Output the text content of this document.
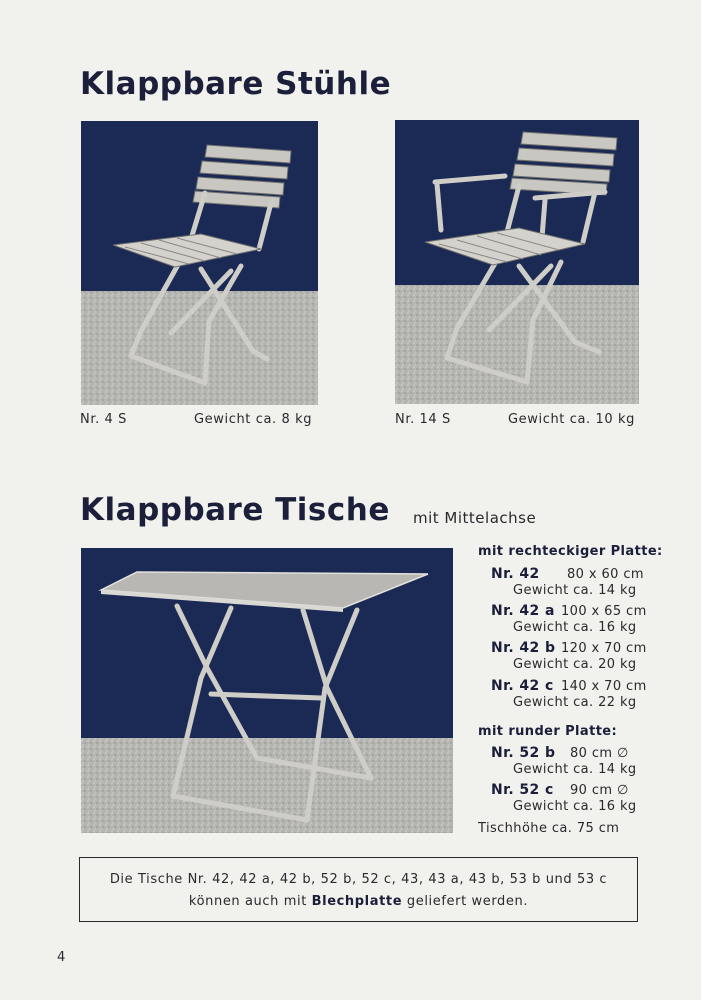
Klappbare Stühle
Nr. 4 S	Gewicht ca. 8 kg	Nr. 14 S	Gewicht ca. 10 kg
Klappbare Tische mit Mittelachse
mit rechteckiger Platte:
Nr. 42 80 x 60 cm
Gewicht ca. 14 kg
Nr. 42 a 100 x 65 cm
Gewicht ca. 16 kg
Nr. 42 b 120 x 70 cm
Gewicht ca. 20 kg
Nr. 42 c 140 x 70 cm
Gewicht ca. 22 kg
mit runder Platte:
Nr. 52 b 80 cm ∅
Gewicht ca. 14 kg
Nr. 52 c 90 cm ∅
Gewicht ca. 16 kg
Tischhöhe ca. 75 cm
Die Tische Nr. 42, 42 a, 42 b, 52 b, 52 c, 43, 43 a, 43 b, 53 b und 53 c
können auch mit Blechplatte geliefert werden.
4
